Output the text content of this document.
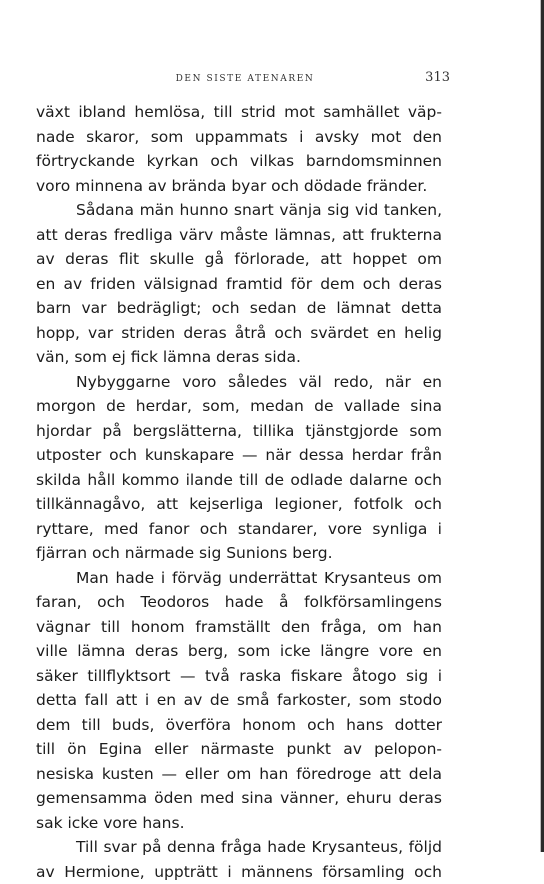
DEN SISTE ATENAREN	313
växt ibland hemlösa, till strid mot samhället väp-
nade skaror, som uppammats i avsky mot den
förtryckande kyrkan och vilkas barndomsminnen
voro minnena av brända byar och dödade fränder.
Sådana män hunno snart vänja sig vid tanken,
att deras fredliga värv måste lämnas, att frukterna
av deras flit skulle gå förlorade, att hoppet om
en av friden välsignad framtid för dem och deras
barn var bedrägligt; och sedan de lämnat detta
hopp, var striden deras åtrå och svärdet en helig
vän, som ej fick lämna deras sida.
Nybyggarne voro således väl redo, när en
morgon de herdar, som, medan de vallade sina
hjordar på bergslätterna, tillika tjänstgjorde som
utposter och kunskapare — när dessa herdar från
skilda håll kommo ilande till de odlade dalarne och
tillkännagåvo, att kejserliga legioner, fotfolk och
ryttare, med fanor och standarer, vore synliga i
fjärran och närmade sig Sunions berg.
Man hade i förväg underrättat Krysanteus om
faran, och Teodoros hade å folkförsamlingens
vägnar till honom framställt den fråga, om han
ville lämna deras berg, som icke längre vore en
säker tillflyktsort — två raska fiskare åtogo sig i
detta fall att i en av de små farkoster, som stodo
dem till buds, överföra honom och hans dotter
till ön Egina eller närmaste punkt av pelopon-
nesiska kusten — eller om han föredroge att dela
gemensamma öden med sina vänner, ehuru deras
sak icke vore hans.
Till svar på denna fråga hade Krysanteus, följd
av Hermione, uppträtt i männens församling och
